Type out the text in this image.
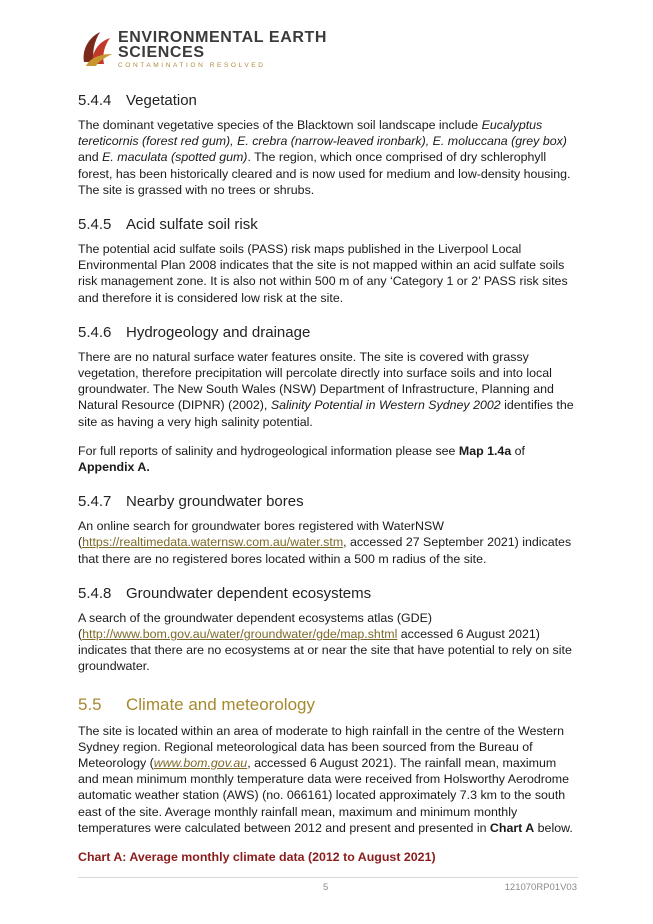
ENVIRONMENTAL EARTH
SCIENCES
CONTAMINATION RESOLVED
5.4.4 Vegetation

The dominant vegetative species of the Blacktown soil landscape include Eucalyptus tereticornis (forest red gum), E. crebra (narrow-leaved ironbark), E. moluccana (grey box) and E. maculata (spotted gum). The region, which once comprised of dry schlerophyll forest, has been historically cleared and is now used for medium and low-density housing. The site is grassed with no trees or shrubs.

5.4.5 Acid sulfate soil risk

The potential acid sulfate soils (PASS) risk maps published in the Liverpool Local Environmental Plan 2008 indicates that the site is not mapped within an acid sulfate soils risk management zone. It is also not within 500 m of any ‘Category 1 or 2’ PASS risk sites and therefore it is considered low risk at the site.

5.4.6 Hydrogeology and drainage

There are no natural surface water features onsite. The site is covered with grassy vegetation, therefore precipitation will percolate directly into surface soils and into local groundwater. The New South Wales (NSW) Department of Infrastructure, Planning and Natural Resource (DIPNR) (2002), Salinity Potential in Western Sydney 2002 identifies the site as having a very high salinity potential.

For full reports of salinity and hydrogeological information please see Map 1.4a of Appendix A.

5.4.7 Nearby groundwater bores

An online search for groundwater bores registered with WaterNSW (https://realtimedata.waternsw.com.au/water.stm, accessed 27 September 2021) indicates that there are no registered bores located within a 500 m radius of the site.

5.4.8 Groundwater dependent ecosystems

A search of the groundwater dependent ecosystems atlas (GDE) (http://www.bom.gov.au/water/groundwater/gde/map.shtml accessed 6 August 2021) indicates that there are no ecosystems at or near the site that have potential to rely on site groundwater.

5.5 Climate and meteorology

The site is located within an area of moderate to high rainfall in the centre of the Western Sydney region. Regional meteorological data has been sourced from the Bureau of Meteorology (www.bom.gov.au, accessed 6 August 2021). The rainfall mean, maximum and mean minimum monthly temperature data were received from Holsworthy Aerodrome automatic weather station (AWS) (no. 066161) located approximately 7.3 km to the south east of the site. Average monthly rainfall mean, maximum and minimum monthly temperatures were calculated between 2012 and present and presented in Chart A below.

Chart A: Average monthly climate data (2012 to August 2021)
5	121070RP01V03
